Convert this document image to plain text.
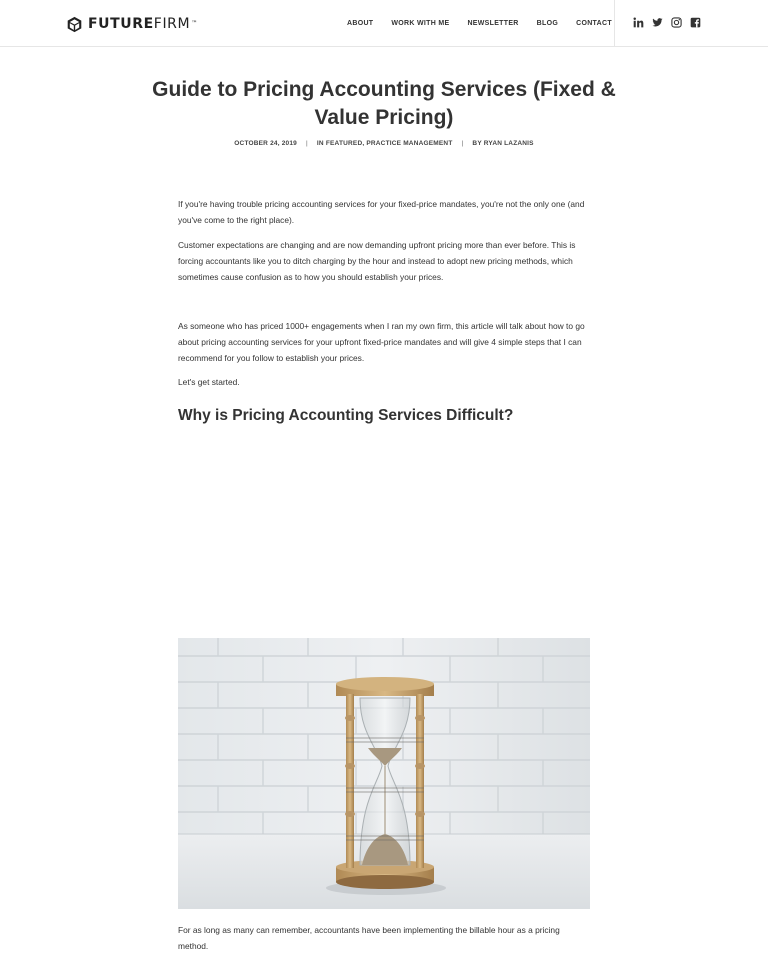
FUTUREFIRM™	ABOUT	WORK WITH ME	NEWSLETTER	BLOG	CONTACT
Guide to Pricing Accounting Services (Fixed & Value Pricing)
OCTOBER 24, 2019 | IN FEATURED, PRACTICE MANAGEMENT | BY RYAN LAZANIS

If you're having trouble pricing accounting services for your fixed-price mandates, you're not the only one (and you've come to the right place).

Customer expectations are changing and are now demanding upfront pricing more than ever before. This is forcing accountants like you to ditch charging by the hour and instead to adopt new pricing methods, which sometimes cause confusion as to how you should establish your prices.

As someone who has priced 1000+ engagements when I ran my own firm, this article will talk about how to go about pricing accounting services for your upfront fixed-price mandates and will give 4 simple steps that I can recommend for you follow to establish your prices.

Let's get started.

Why is Pricing Accounting Services Difficult?

For as long as many can remember, accountants have been implementing the billable hour as a pricing method.
